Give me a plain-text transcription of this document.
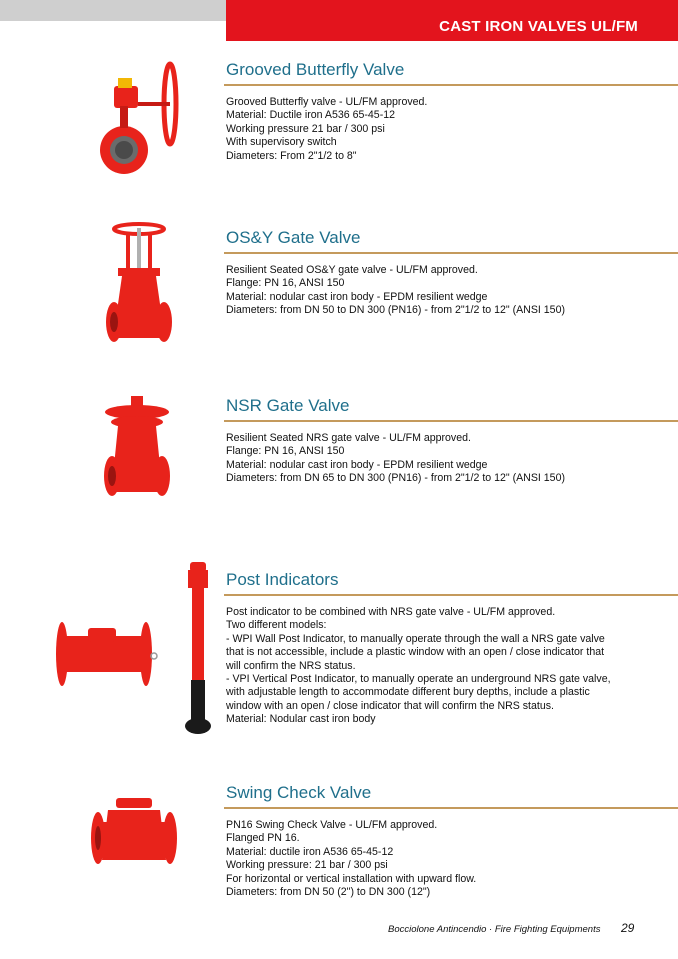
CAST IRON VALVES UL/FM
Grooved Butterfly Valve
Grooved Butterfly valve - UL/FM approved.
Material: Ductile iron A536 65-45-12
Working pressure 21 bar / 300 psi
With supervisory switch
Diameters: From 2"1/2 to 8"
OS&Y Gate Valve
Resilient Seated OS&Y gate valve - UL/FM approved.
Flange: PN 16, ANSI 150
Material: nodular cast iron body - EPDM resilient wedge
Diameters: from DN 50 to DN 300 (PN16) - from 2"1/2 to 12" (ANSI 150)
NSR Gate Valve
Resilient Seated NRS gate valve - UL/FM approved.
Flange: PN 16, ANSI 150
Material: nodular cast iron body - EPDM resilient wedge
Diameters: from DN 65 to DN 300 (PN16) - from 2"1/2 to 12" (ANSI 150)
Post Indicators
Post indicator to be combined with NRS gate valve - UL/FM approved.
Two different models:
- WPI Wall Post Indicator, to manually operate through the wall a NRS gate valve
that is not accessible, include a plastic window with an open / close indicator that
will confirm the NRS status.
- VPI Vertical Post Indicator, to manually operate an underground NRS gate valve,
with adjustable length to accommodate different bury depths, include a plastic
window with an open / close indicator that will confirm the NRS status.
Material: Nodular cast iron body
Swing Check Valve
PN16 Swing Check Valve - UL/FM approved.
Flanged PN 16.
Material: ductile iron A536 65-45-12
Working pressure: 21 bar / 300 psi
For horizontal or vertical installation with upward flow.
Diameters: from DN 50 (2") to DN 300 (12")
Bocciolone Antincendio · Fire Fighting Equipments 29
